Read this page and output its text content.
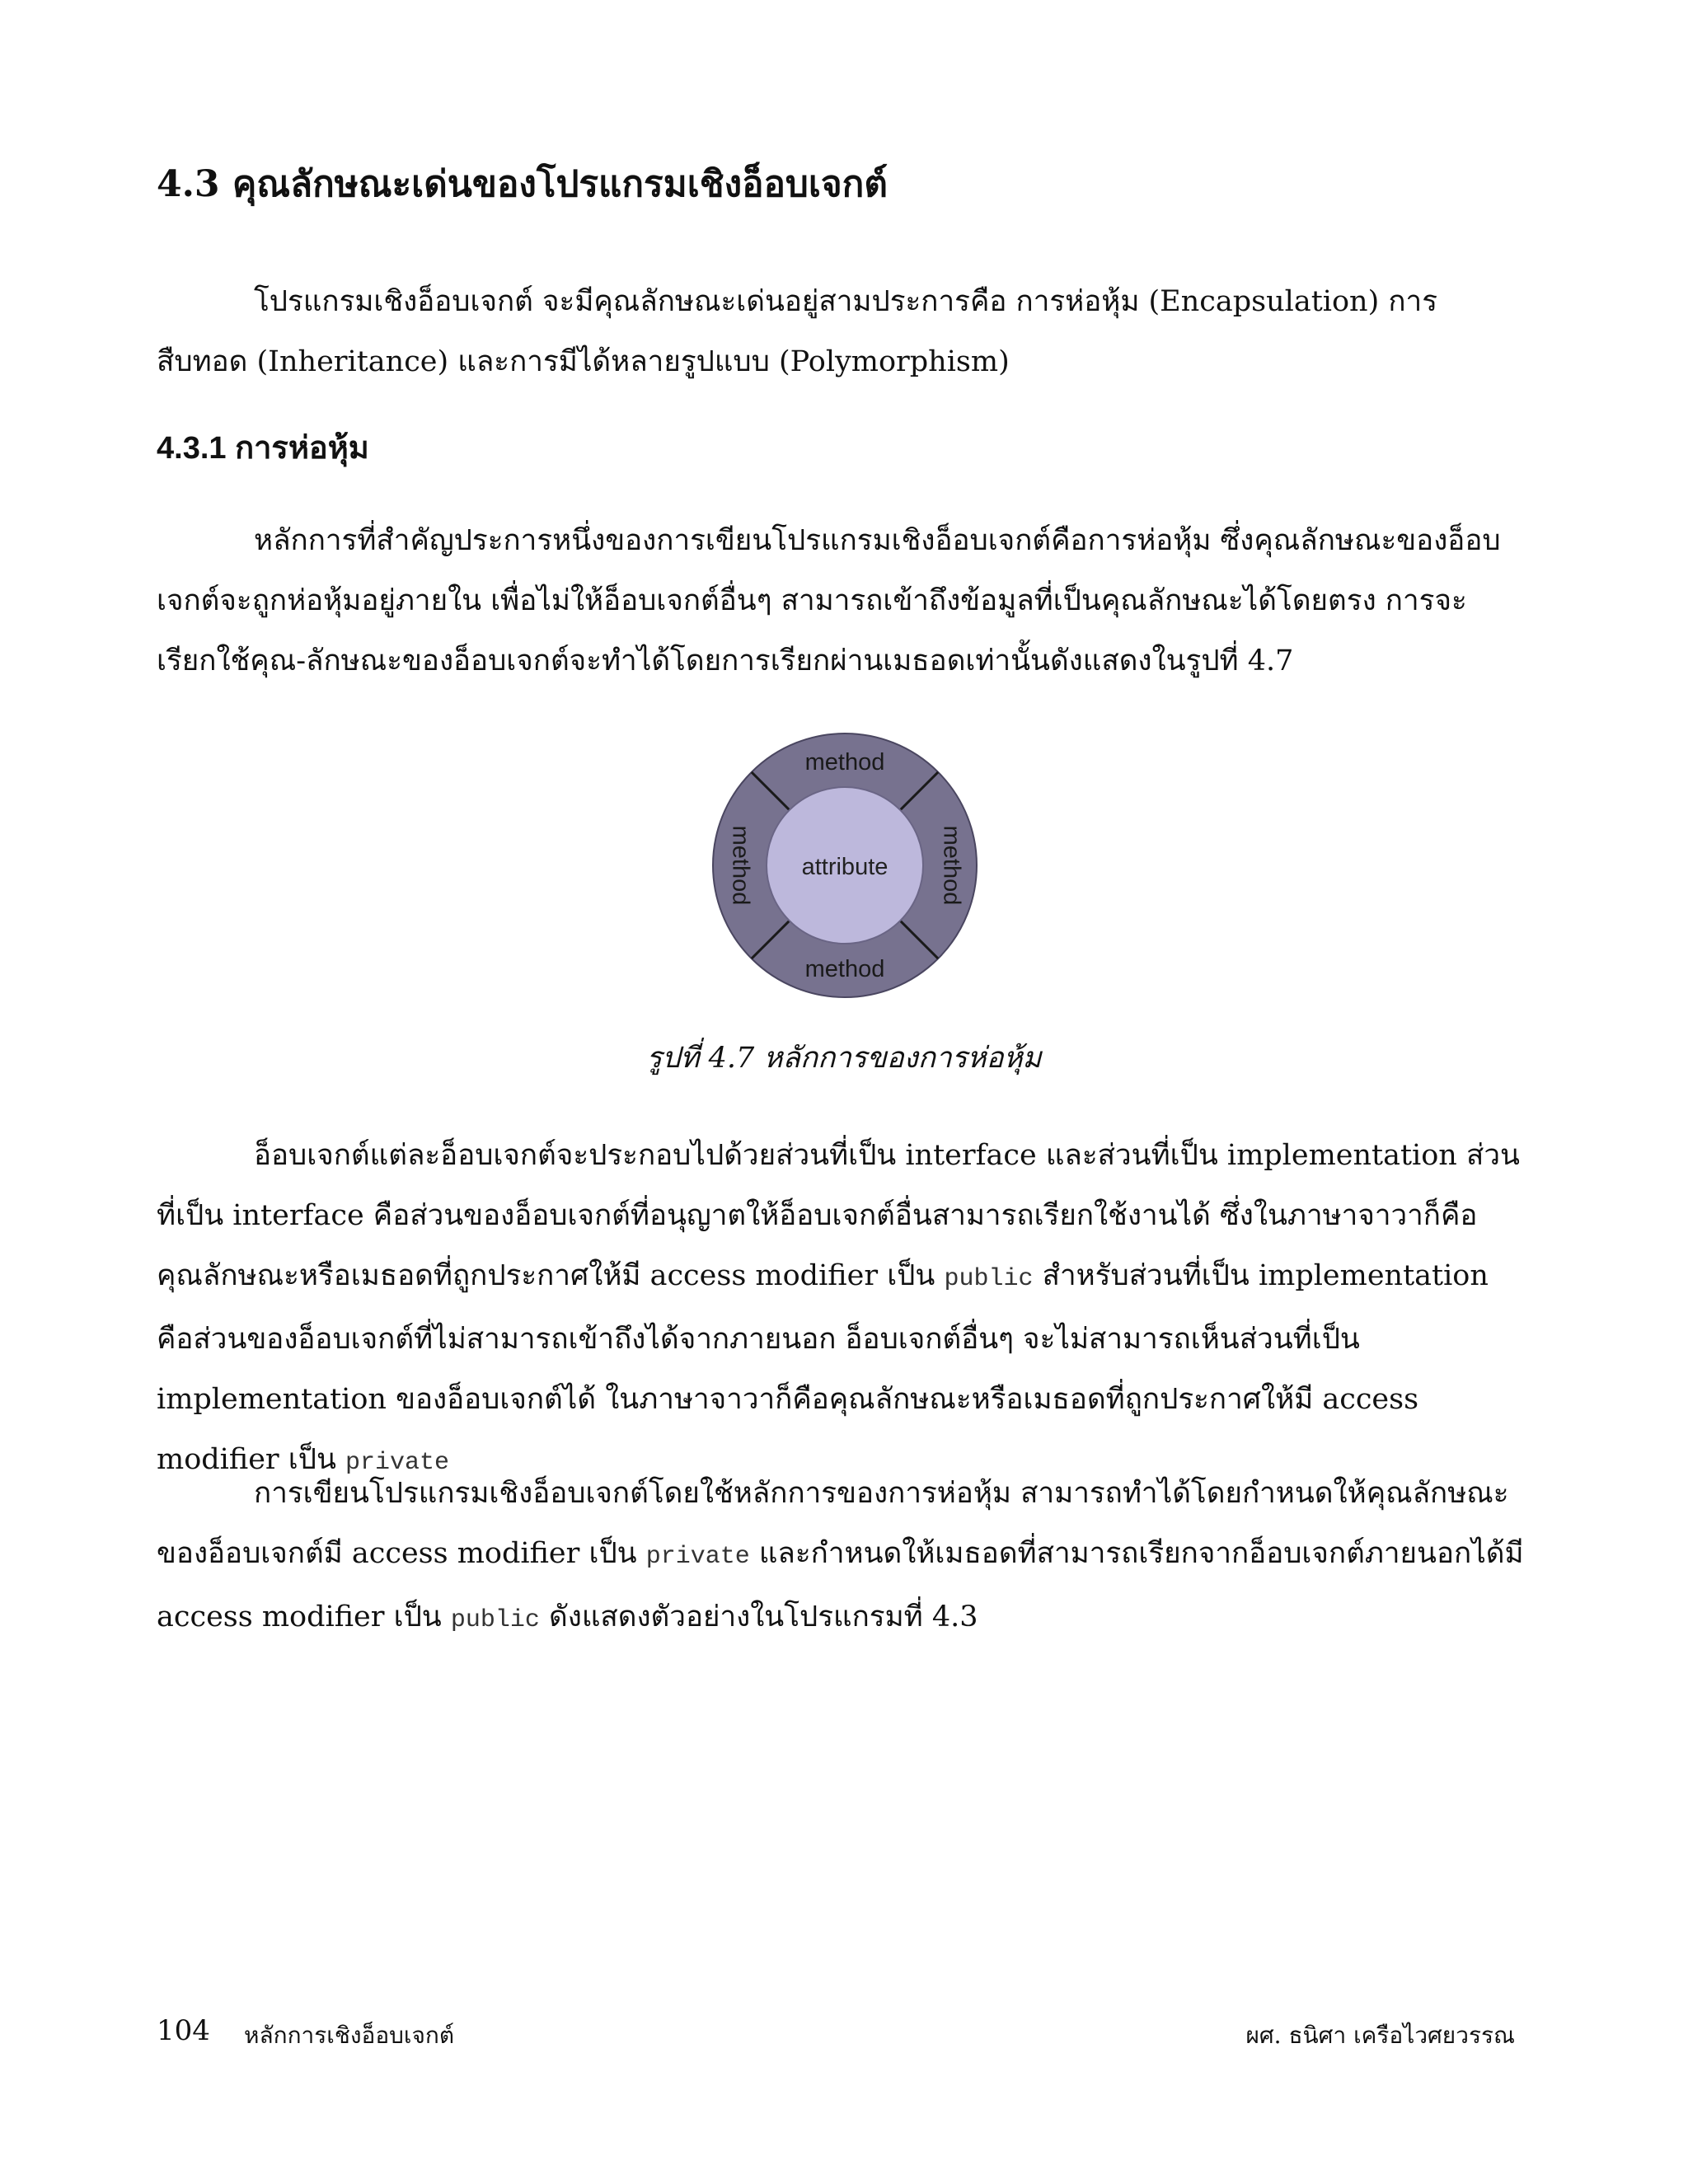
4.3 คุณลักษณะเด่นของโปรแกรมเชิงอ็อบเจกต์

โปรแกรมเชิงอ็อบเจกต์ จะมีคุณลักษณะเด่นอยู่สามประการคือ การห่อหุ้ม (Encapsulation) การสืบทอด (Inheritance) และการมีได้หลายรูปแบบ (Polymorphism)

4.3.1 การห่อหุ้ม

หลักการที่สำคัญประการหนึ่งของการเขียนโปรแกรมเชิงอ็อบเจกต์คือการห่อหุ้ม ซึ่งคุณลักษณะของอ็อบเจกต์จะถูกห่อหุ้มอยู่ภายใน เพื่อไม่ให้อ็อบเจกต์อื่นๆ สามารถเข้าถึงข้อมูลที่เป็นคุณลักษณะได้โดยตรง การจะเรียกใช้คุณ-ลักษณะของอ็อบเจกต์จะทำได้โดยการเรียกผ่านเมธอดเท่านั้นดังแสดงในรูปที่ 4.7

attribute
method
method
method	method

รูปที่ 4.7 หลักการของการห่อหุ้ม

อ็อบเจกต์แต่ละอ็อบเจกต์จะประกอบไปด้วยส่วนที่เป็น interface และส่วนที่เป็น implementation ส่วนที่เป็น interface คือส่วนของอ็อบเจกต์ที่อนุญาตให้อ็อบเจกต์อื่นสามารถเรียกใช้งานได้ ซึ่งในภาษาจาวาก็คือคุณลักษณะหรือเมธอดที่ถูกประกาศให้มี access modifier เป็น public สำหรับส่วนที่เป็น implementation คือส่วนของอ็อบเจกต์ที่ไม่สามารถเข้าถึงได้จากภายนอก อ็อบเจกต์อื่นๆ จะไม่สามารถเห็นส่วนที่เป็น implementation ของอ็อบเจกต์ได้ ในภาษาจาวาก็คือคุณลักษณะหรือเมธอดที่ถูกประกาศให้มี access modifier เป็น private

การเขียนโปรแกรมเชิงอ็อบเจกต์โดยใช้หลักการของการห่อหุ้ม สามารถทำได้โดยกำหนดให้คุณลักษณะของอ็อบเจกต์มี access modifier เป็น private และกำหนดให้เมธอดที่สามารถเรียกจากอ็อบเจกต์ภายนอกได้มี access modifier เป็น public ดังแสดงตัวอย่างในโปรแกรมที่ 4.3

104 หลักการเชิงอ็อบเจกต์	ผศ. ธนิศา เครือไวศยวรรณ
